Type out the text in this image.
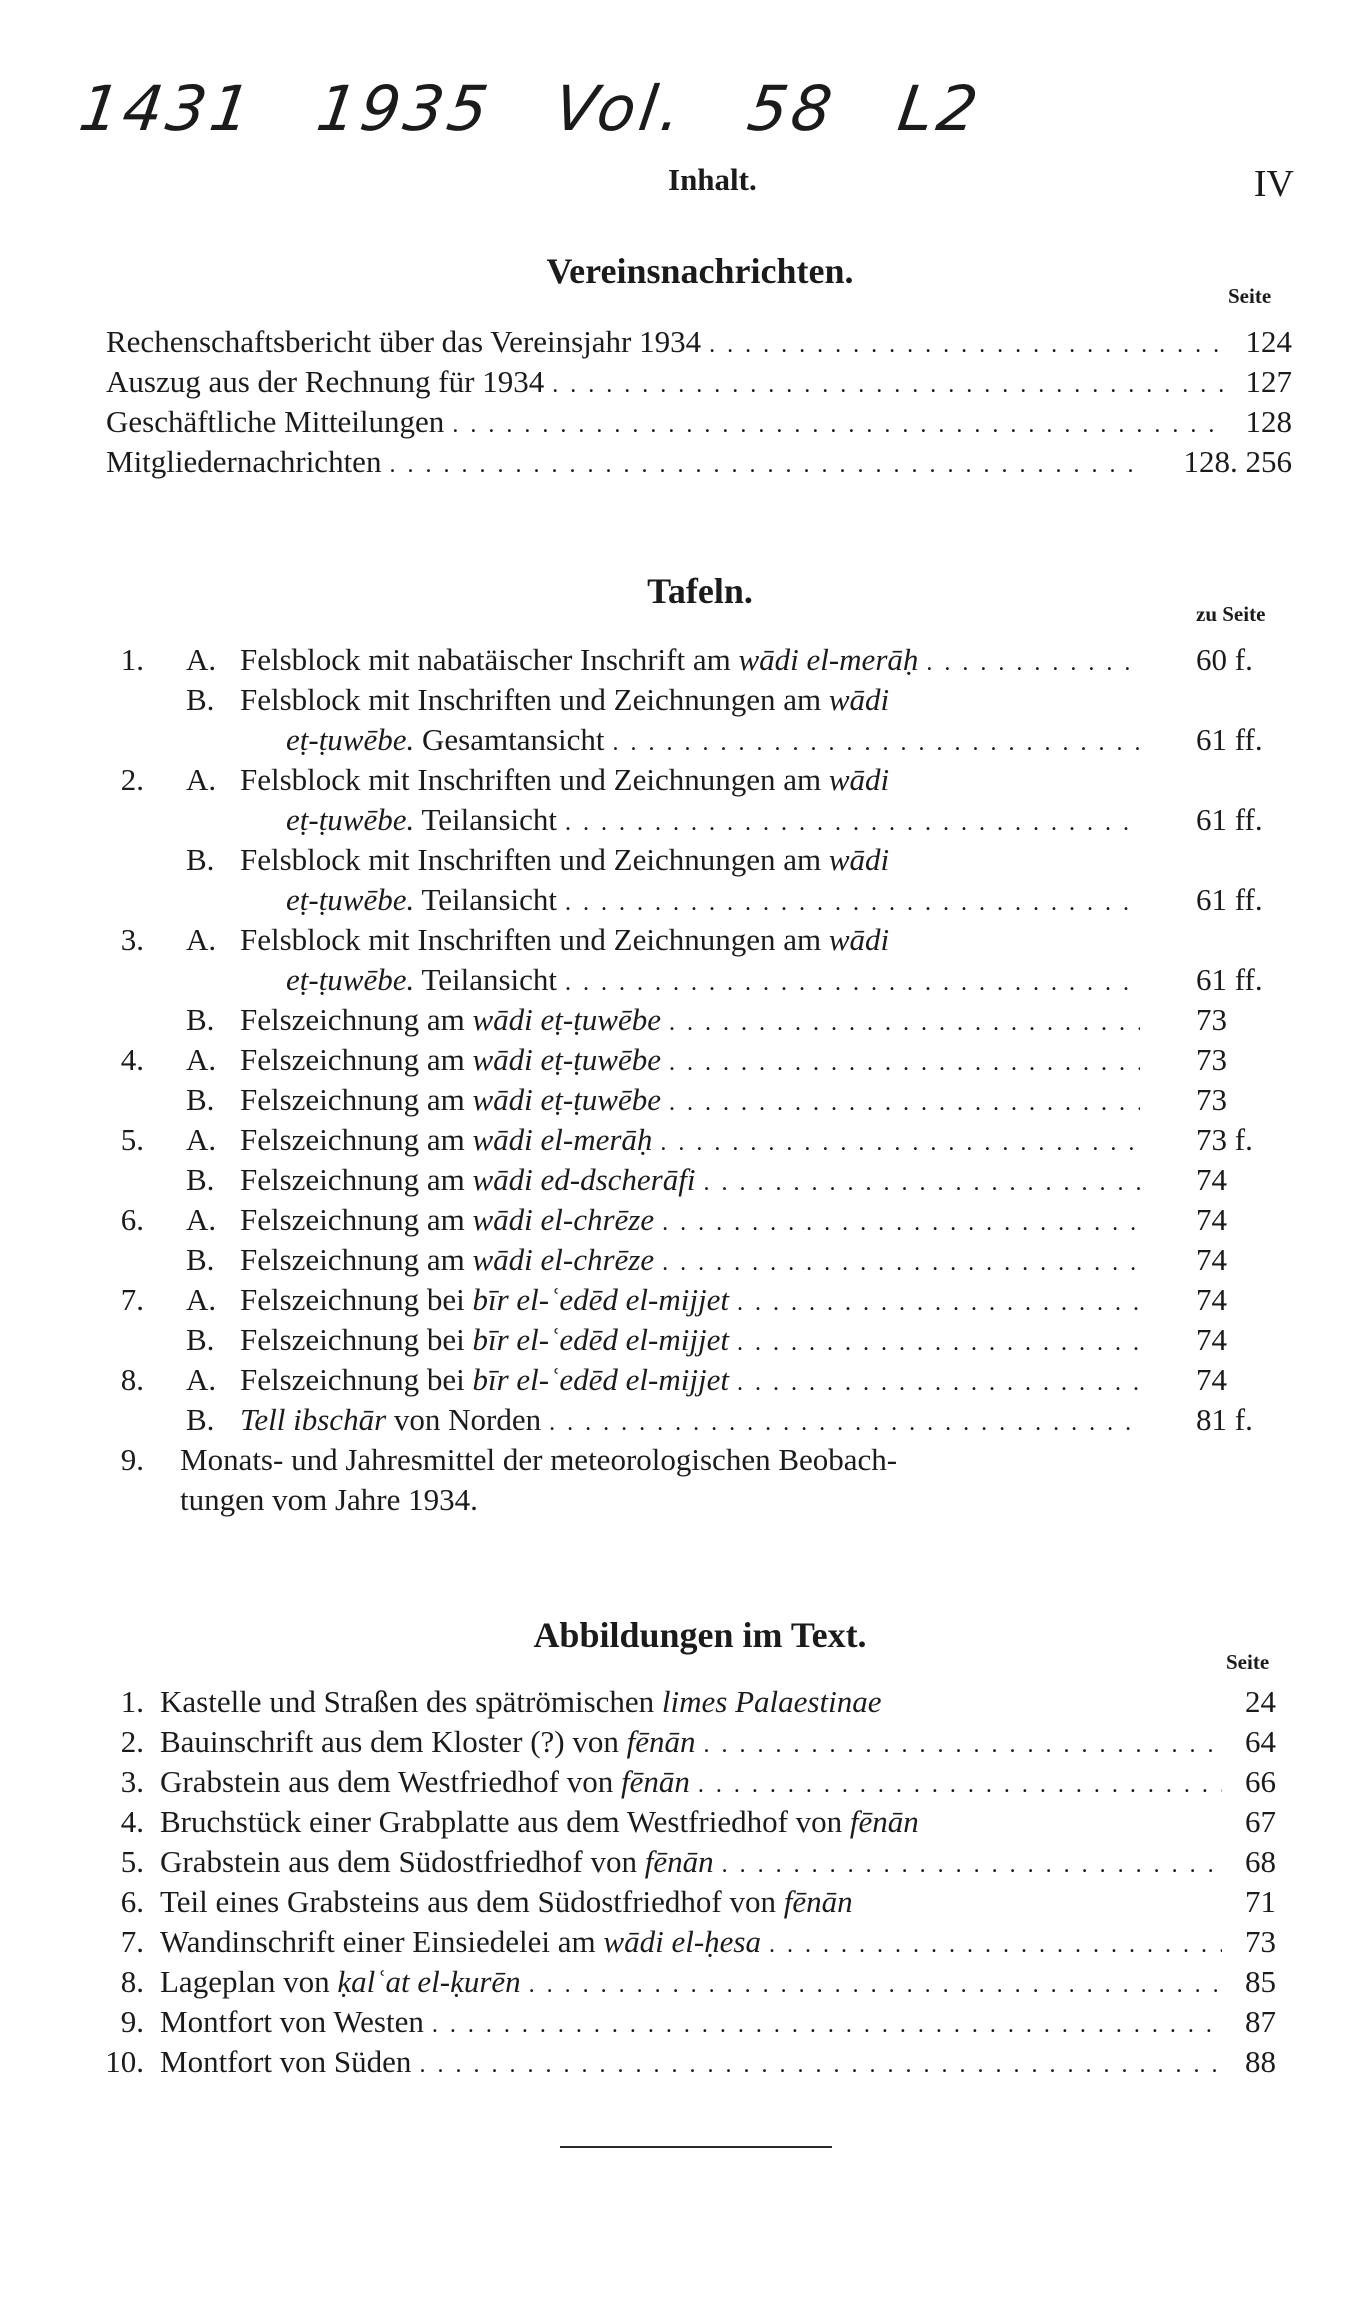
1431 1935 Vol. 58 L2
Inhalt.	IV
Vereinsnachrichten.
Seite
Rechenschaftsbericht über das Vereinsjahr 1934 . . .	124
Auszug aus der Rechnung für 1934 . . .	127
Geschäftliche Mitteilungen . . .	128
Mitgliedernachrichten . . .	128. 256
Tafeln.
zu Seite
1. A. Felsblock mit nabatäischer Inschrift am wādi el-merāḥ . . .	60 f.
B. Felsblock mit Inschriften und Zeichnungen am wādi
eṭ-ṭuwēbe. Gesamtansicht . . .	61 ff.
2. A. Felsblock mit Inschriften und Zeichnungen am wādi
eṭ-ṭuwēbe. Teilansicht . . .	61 ff.
B. Felsblock mit Inschriften und Zeichnungen am wādi
eṭ-ṭuwēbe. Teilansicht . . .	61 ff.
3. A. Felsblock mit Inschriften und Zeichnungen am wādi
eṭ-ṭuwēbe. Teilansicht . . .	61 ff.
B. Felszeichnung am wādi eṭ-ṭuwēbe . . .	73
4. A. Felszeichnung am wādi eṭ-ṭuwēbe . . .	73
B. Felszeichnung am wādi eṭ-ṭuwēbe . . .	73
5. A. Felszeichnung am wādi el-merāḥ . . .	73 f.
B. Felszeichnung am wādi ed-dscherāfi . . .	74
6. A. Felszeichnung am wādi el-chrēze . . .	74
B. Felszeichnung am wādi el-chrēze . . .	74
7. A. Felszeichnung bei bīr el-ʿedēd el-mijjet . . .	74
B. Felszeichnung bei bīr el-ʿedēd el-mijjet . . .	74
8. A. Felszeichnung bei bīr el-ʿedēd el-mijjet . . .	74
B. Tell ibschār von Norden . . .	81 f.
9. Monats- und Jahresmittel der meteorologischen Beobach-
tungen vom Jahre 1934.
Abbildungen im Text.
Seite
1. Kastelle und Straßen des spätrömischen limes Palaestinae	24
2. Bauinschrift aus dem Kloster (?) von fēnān . . .	64
3. Grabstein aus dem Westfriedhof von fēnān . . .	66
4. Bruchstück einer Grabplatte aus dem Westfriedhof von fēnān	67
5. Grabstein aus dem Südostfriedhof von fēnān . . .	68
6. Teil eines Grabsteins aus dem Südostfriedhof von fēnān	71
7. Wandinschrift einer Einsiedelei am wādi el-ḥesa . . .	73
8. Lageplan von ḳalʿat el-ḳurēn . . .	85
9. Montfort von Westen . . .	87
10. Montfort von Süden . . .	88
